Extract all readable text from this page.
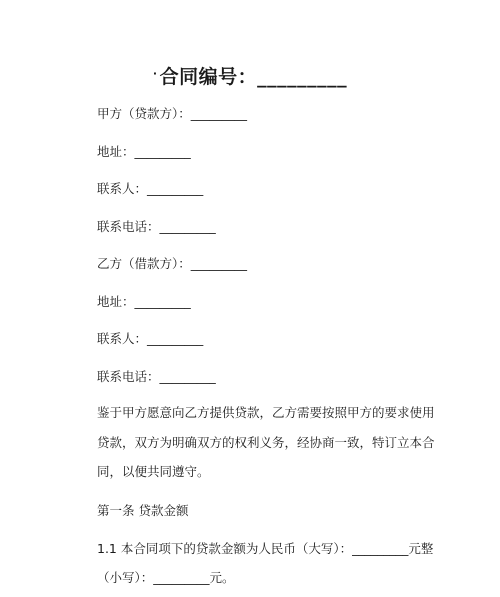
· 合同编号：_________
甲方（贷款方）：_________
地址：_________
联系人：_________
联系电话：_________
乙方（借款方）：_________
地址：_________
联系人：_________
联系电话：_________
鉴于甲方愿意向乙方提供贷款，乙方需要按照甲方的要求使用贷款，双方为明确双方的权利义务，经协商一致，特订立本合同，以便共同遵守。
第一条 贷款金额
1.1 本合同项下的贷款金额为人民币（大写）：_________元整（小写）：_________元。
